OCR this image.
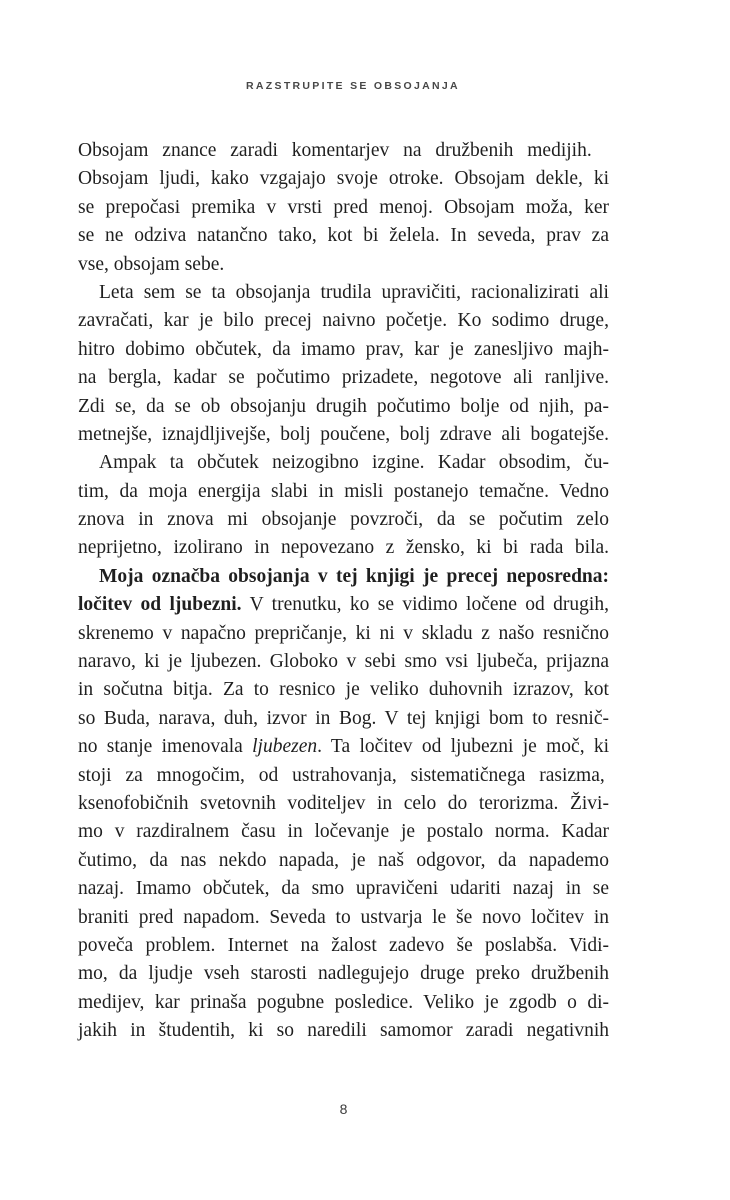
RAZSTRUPITE SE OBSOJANJA
Obsojam znance zaradi komentarjev na družbenih medijih.
Obsojam ljudi, kako vzgajajo svoje otroke. Obsojam dekle, ki
se prepočasi premika v vrsti pred menoj. Obsojam moža, ker
se ne odziva natančno tako, kot bi želela. In seveda, prav za
vse, obsojam sebe.
Leta sem se ta obsojanja trudila upravičiti, racionalizirati ali
zavračati, kar je bilo precej naivno početje. Ko sodimo druge,
hitro dobimo občutek, da imamo prav, kar je zanesljivo majh-
na bergla, kadar se počutimo prizadete, negotove ali ranljive.
Zdi se, da se ob obsojanju drugih počutimo bolje od njih, pa-
metnejše, iznajdljivejše, bolj poučene, bolj zdrave ali bogatejše.
Ampak ta občutek neizogibno izgine. Kadar obsodim, ču-
tim, da moja energija slabi in misli postanejo temačne. Vedno
znova in znova mi obsojanje povzroči, da se počutim zelo
neprijetno, izolirano in nepovezano z žensko, ki bi rada bila.
Moja označba obsojanja v tej knjigi je precej neposredna:
ločitev od ljubezni. V trenutku, ko se vidimo ločene od drugih,
skrenemo v napačno prepričanje, ki ni v skladu z našo resnično
naravo, ki je ljubezen. Globoko v sebi smo vsi ljubeča, prijazna
in sočutna bitja. Za to resnico je veliko duhovnih izrazov, kot
so Buda, narava, duh, izvor in Bog. V tej knjigi bom to resnič-
no stanje imenovala ljubezen. Ta ločitev od ljubezni je moč, ki
stoji za mnogočim, od ustrahovanja, sistematičnega rasizma,
ksenofobičnih svetovnih voditeljev in celo do terorizma. Živi-
mo v razdiralnem času in ločevanje je postalo norma. Kadar
čutimo, da nas nekdo napada, je naš odgovor, da napademo
nazaj. Imamo občutek, da smo upravičeni udariti nazaj in se
braniti pred napadom. Seveda to ustvarja le še novo ločitev in
poveča problem. Internet na žalost zadevo še poslabša. Vidi-
mo, da ljudje vseh starosti nadlegujejo druge preko družbenih
medijev, kar prinaša pogubne posledice. Veliko je zgodb o di-
jakih in študentih, ki so naredili samomor zaradi negativnih
8
